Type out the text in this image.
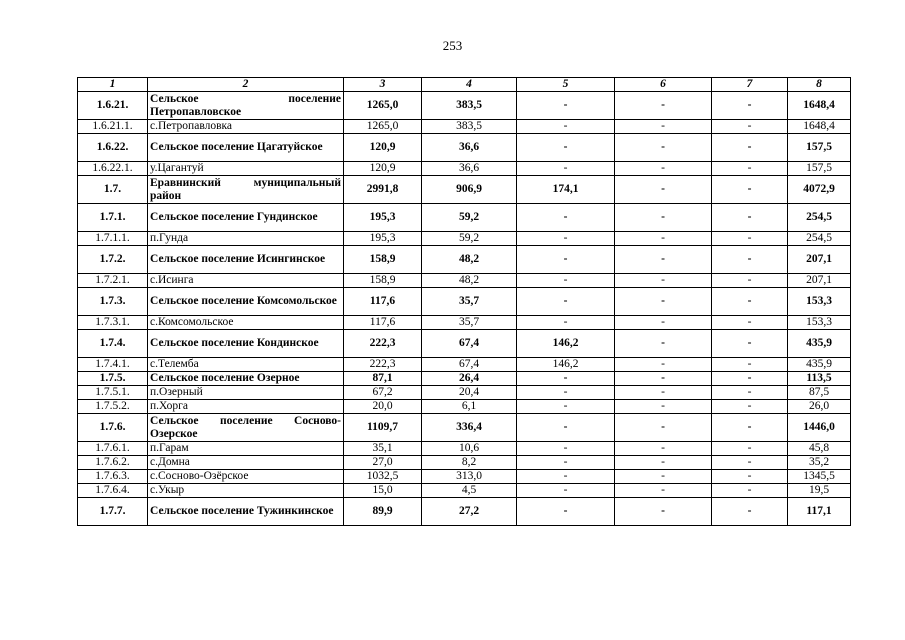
253
1	2	3	4	5	6	7	8
1.6.21.	Сельское поселение Петропавловское	1265,0	383,5	-	-	-	1648,4
1.6.21.1.	с.Петропавловка	1265,0	383,5	-	-	-	1648,4
1.6.22.	Сельское поселение Цагатуйское	120,9	36,6	-	-	-	157,5
1.6.22.1.	у.Цагантуй	120,9	36,6	-	-	-	157,5
1.7.	Еравнинский муниципальный район	2991,8	906,9	174,1	-	-	4072,9
1.7.1.	Сельское поселение Гундинское	195,3	59,2	-	-	-	254,5
1.7.1.1.	п.Гунда	195,3	59,2	-	-	-	254,5
1.7.2.	Сельское поселение Исингинское	158,9	48,2	-	-	-	207,1
1.7.2.1.	с.Исинга	158,9	48,2	-	-	-	207,1
1.7.3.	Сельское поселение Комсомольское	117,6	35,7	-	-	-	153,3
1.7.3.1.	с.Комсомольское	117,6	35,7	-	-	-	153,3
1.7.4.	Сельское поселение Кондинское	222,3	67,4	146,2	-	-	435,9
1.7.4.1.	с.Телемба	222,3	67,4	146,2	-	-	435,9
1.7.5.	Сельское поселение Озерное	87,1	26,4	-	-	-	113,5
1.7.5.1.	п.Озерный	67,2	20,4	-	-	-	87,5
1.7.5.2.	п.Хорга	20,0	6,1	-	-	-	26,0
1.7.6.	Сельское поселение Сосново-Озерское	1109,7	336,4	-	-	-	1446,0
1.7.6.1.	п.Гарам	35,1	10,6	-	-	-	45,8
1.7.6.2.	с.Домна	27,0	8,2	-	-	-	35,2
1.7.6.3.	с.Сосново-Озёрское	1032,5	313,0	-	-	-	1345,5
1.7.6.4.	с.Укыр	15,0	4,5	-	-	-	19,5
1.7.7.	Сельское поселение Тужинкинское	89,9	27,2	-	-	-	117,1
